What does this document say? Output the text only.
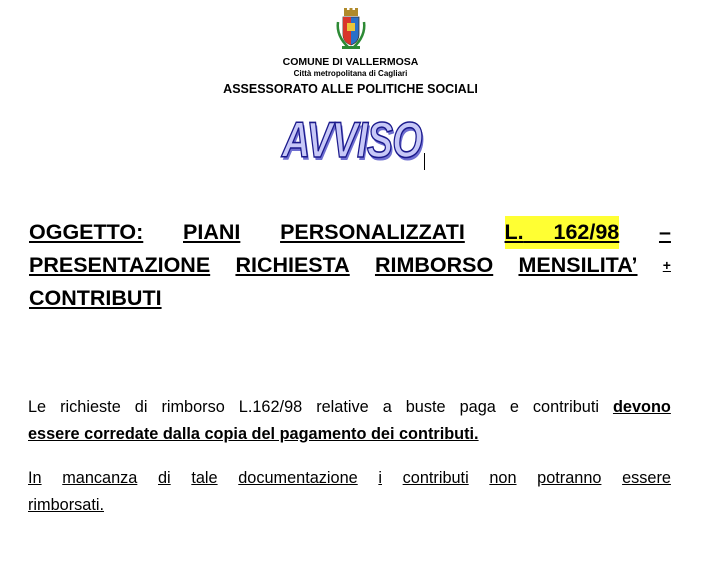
COMUNE DI VALLERMOSA
Città metropolitana di Cagliari
ASSESSORATO ALLE POLITICHE SOCIALI
AVVISO
OGGETTO: PIANI PERSONALIZZATI L. 162/98 –
PRESENTAZIONE RICHIESTA RIMBORSO MENSILITA’ +
CONTRIBUTI
Le richieste di rimborso L.162/98 relative a buste paga e contributi devono
essere corredate dalla copia del pagamento dei contributi.
In mancanza di tale documentazione i contributi non potranno essere
rimborsati.
